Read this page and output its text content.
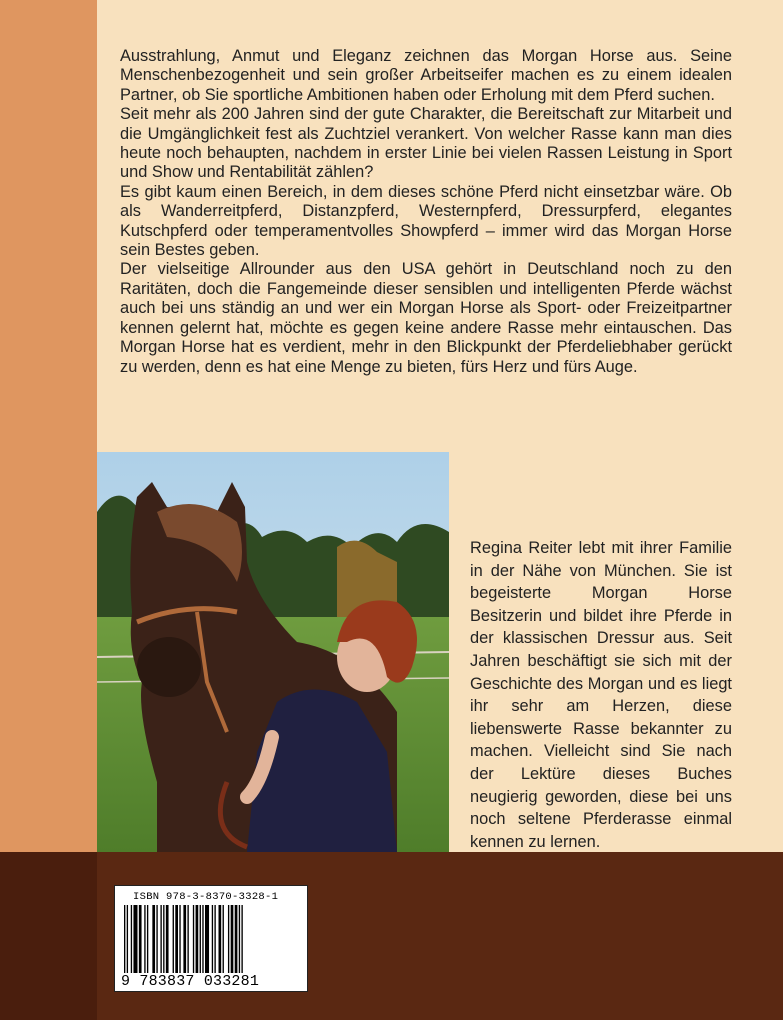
Ausstrahlung, Anmut und Eleganz zeichnen das Morgan Horse aus. Seine Menschenbezogenheit und sein großer Arbeitseifer machen es zu einem idealen Partner, ob Sie sportliche Ambitionen haben oder Erholung mit dem Pferd suchen.

Seit mehr als 200 Jahren sind der gute Charakter, die Bereitschaft zur Mitarbeit und die Umgänglichkeit fest als Zuchtziel verankert. Von welcher Rasse kann man dies heute noch behaupten, nachdem in erster Linie bei vielen Rassen Leistung in Sport und Show und Rentabilität zählen?

Es gibt kaum einen Bereich, in dem dieses schöne Pferd nicht einsetzbar wäre. Ob als Wanderreitpferd, Distanzpferd, Westernpferd, Dressurpferd, elegantes Kutschpferd oder temperamentvolles Showpferd – immer wird das Morgan Horse sein Bestes geben.

Der vielseitige Allrounder aus den USA gehört in Deutschland noch zu den Raritäten, doch die Fangemeinde dieser sensiblen und intelligenten Pferde wächst auch bei uns ständig an und wer ein Morgan Horse als Sport- oder Freizeitpartner kennen gelernt hat, möchte es gegen keine andere Rasse mehr eintauschen. Das Morgan Horse hat es verdient, mehr in den Blickpunkt der Pferdeliebhaber gerückt zu werden, denn es hat eine Menge zu bieten, fürs Herz und fürs Auge.

Regina Reiter lebt mit ihrer Familie in der Nähe von München. Sie ist begeisterte Morgan Horse Besitzerin und bildet ihre Pferde in der klassischen Dressur aus. Seit Jahren beschäftigt sie sich mit der Geschichte des Morgan und es liegt ihr sehr am Herzen, diese liebenswerte Rasse bekannter zu machen. Vielleicht sind Sie nach der Lektüre dieses Buches neugierig geworden, diese bei uns noch seltene Pferderasse einmal kennen zu lernen.
ISBN 978-3-8370-3328-1
9 783837 033281
